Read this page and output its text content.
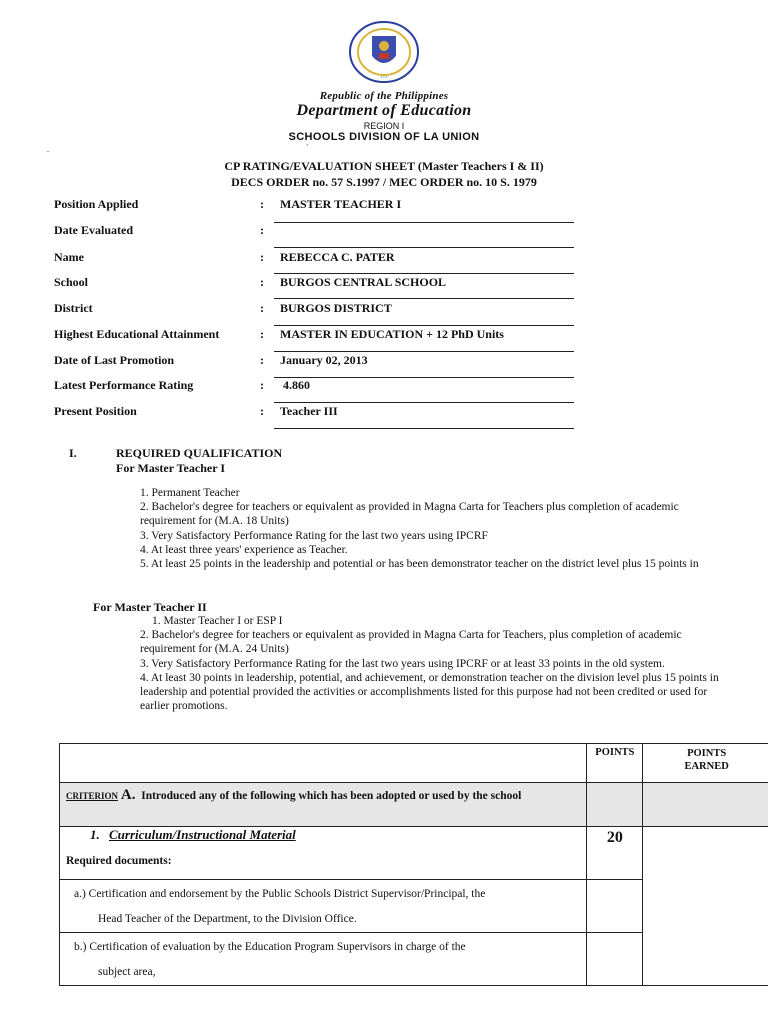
• • •
Republic of the Philippines
Department of Education
REGION I
SCHOOLS DIVISION OF LA UNION
.	`
CP RATING/EVALUATION SHEET (Master Teachers I & II)
DECS ORDER no. 57 S.1997 / MEC ORDER no. 10 S. 1979
Position Applied	: MASTER TEACHER I
Date Evaluated	:
Name	: REBECCA C. PATER
School	: BURGOS CENTRAL SCHOOL
District	: BURGOS DISTRICT
Highest Educational Attainment	: MASTER IN EDUCATION + 12 PhD Units
Date of Last Promotion	: January 02, 2013
Latest Performance Rating	: 4.860
Present Position	: Teacher III
I.	REQUIRED QUALIFICATION
For Master Teacher I
1. Permanent Teacher
2. Bachelor's degree for teachers or equivalent as provided in Magna Carta for Teachers plus completion of academic requirement for (M.A. 18 Units)
3. Very Satisfactory Performance Rating for the last two years using IPCRF
4. At least three years' experience as Teacher.
5. At least 25 points in the leadership and potential or has been demonstrator teacher on the district level plus 15 points in
For Master Teacher II
1. Master Teacher I or ESP I
2. Bachelor's degree for teachers or equivalent as provided in Magna Carta for Teachers, plus completion of academic requirement for (M.A. 24 Units)
3. Very Satisfactory Performance Rating for the last two years using IPCRF or at least 33 points in the old system.
4. At least 30 points in leadership, potential, and achievement, or demonstration teacher on the division level plus 15 points in leadership and potential provided the activities or accomplishments listed for this purpose had not been credited or used for earlier promotions.
	POINTS	POINTS EARNED

CRITERION A. Introduced any of the following which has been adopted or used by the school		

1. Curriculum/Instructional Material
Required documents:	20	

a.) Certification and endorsement by the Public Schools District Supervisor/Principal, the
Head Teacher of the Department, to the Division Office.		

b.) Certification of evaluation by the Education Program Supervisors in charge of the
subject area,		
